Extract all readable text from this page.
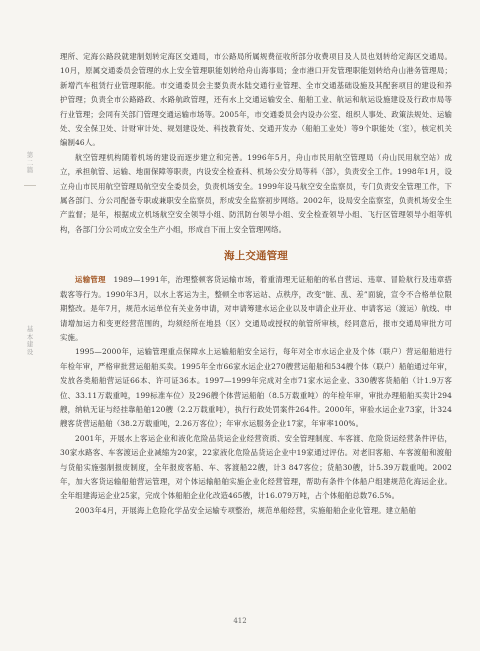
第二篇
基本建设

理所、定海公路段就建制划转定海区交通局，市公路局所属规费征收所部分收费项目及人员也划转给定海区交通局。10月，原属交通委员会管理的水上安全管理职能划转给舟山海事局；金市港口开发管理职能划转给舟山港务管理局；新增汽车租赁行业管理职能。市交通委员会主要负责水陆交通行业管理、全市交通基础设施及其配套项目的建设和养护管理；负责全市公路路政、水路航政管理，还有水上交通运输安全、船舶工业、航运和航运设施建设及行政市局等行业管理；会同有关部门管理交通运输市场等。2005年，市交通委员会内设办公室、组织人事处、政策法规处、运输处、安全保卫处、计财审计处、规划建设处、科技教育处、交通开发办（船舶工业处）等9个职能处（室），核定机关编制46人。

航空管理机构随着机场的建设而逐步建立和完善。1996年5月，舟山市民用航空管理局（舟山民用航空站）成立，承担航管、运输、地面保障等职责，内设安全检查科、机场公安分局等科（部），负责安全工作。1998年1月，设立舟山市民用航空管理局航空安全委员会，负责机场安全。1999年设马航空安全监察员，专门负责安全管理工作，下属各部门、分公司配备专职或兼职安全监察员，形成安全监察初步网络。2002年，设局安全监察室，负责机场安全生产监督；是年，根据成立机场航空安全领导小组、防汛防台领导小组、安全检查领导小组、飞行区管理领导小组等机构，各部门分公司成立安全生产小组，形成自下而上安全管理网络。

海上交通管理

运输管理　 1989—1991年，治理整顿客货运输市场，着重清理无证船舶的私自营运、违章、冒险航行及违章搭载客等行为。1990年3月，以水上客运为主，整顿全市客运站、点秩序，改变“脏、乱、差”面貌，宣令不合格单位限期整改。是年7月，规范水运单位有关业务申请，对申请筹建水运企业以及申请企业开业、申请客运（渡运）航线、申请增加运力和变更经营范围的，均须经所在地县（区）交通局或授权的航管所审核，经同意后，报市交通局审批方可实施。

1995—2000年，运输管理重点保障水上运输船舶安全运行，每年对全市水运企业及个体（联户）营运船舶进行年检年审，严格审批营运船舶买卖。1995年全市66家水运企业270艘营运船舶和534艘个体（联户）船舶通过年审，发放各类船舶营运证66本、许可证36本。1997—1999年完成对全市71家水运企业、330艘客货船舶（计1.9万客位、33.11万载重吨，199标准车位）及296艘个体营运船舶（8.5万载重吨）的年检年审，审批办理船舶买卖计294艘，纳轨无证与经挂靠船舶120艘（2.2万载重吨），执行行政处罚案件264件。2000年，审验水运企业73家，计324艘客货营运船舶（38.2万载重吨，2.26万客位）；年审水运服务企业17家，年审率100%。

2001年，开展水上客运企业和液化危险品货运企业经营资质、安全管理制度、车客渡、危险货运经营条件评估，30家水路客、车客渡运企业减缩为20家，22家液化危险品货运企业中19家通过评估。对老旧客船、车客渡船和渡船与货船实施强制报废制度，全年报废客船、车、客渡船22艘，计3 847客位；货船30艘，计5.39万载重吨。2002年，加大客货运输船舶营运管理，对个体运输船舶实施企业化经营管理，帮助有条件个体船户组建规范化海运企业。全年组建海运企业25家，完成个体船舶企业化改造465艘，计16.079万吨，占个体船舶总数76.5%。

2003年4月，开展海上危险化学品安全运输专项整治，规范单船经营，实施船舶企业化管理。建立船舶

412
